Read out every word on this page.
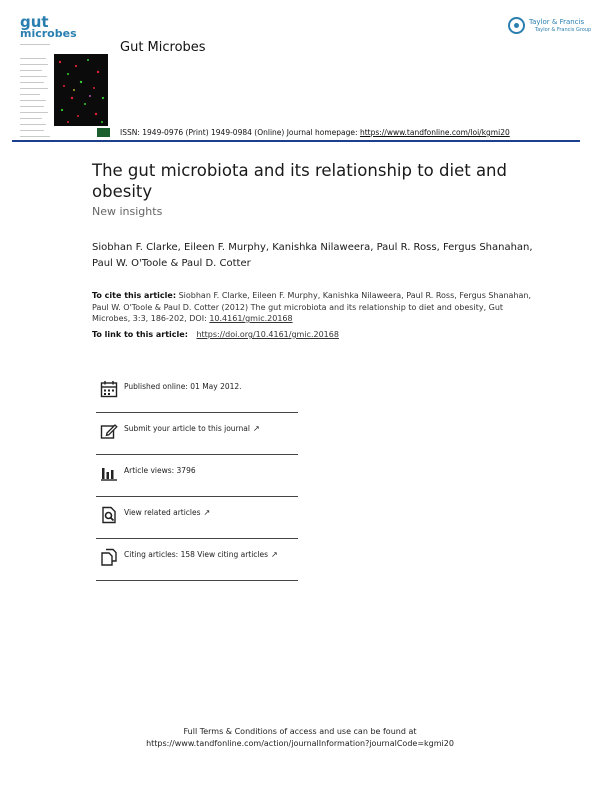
gut
microbes
Gut Microbes
Taylor & Francis
Taylor & Francis Group
ISSN: 1949-0976 (Print) 1949-0984 (Online) Journal homepage: https://www.tandfonline.com/loi/kgmi20
The gut microbiota and its relationship to diet and obesity
New insights
Siobhan F. Clarke, Eileen F. Murphy, Kanishka Nilaweera, Paul R. Ross, Fergus Shanahan, Paul W. O'Toole & Paul D. Cotter
To cite this article: Siobhan F. Clarke, Eileen F. Murphy, Kanishka Nilaweera, Paul R. Ross, Fergus Shanahan, Paul W. O'Toole & Paul D. Cotter (2012) The gut microbiota and its relationship to diet and obesity, Gut Microbes, 3:3, 186-202, DOI: 10.4161/gmic.20168
To link to this article: https://doi.org/10.4161/gmic.20168
Published online: 01 May 2012.
Submit your article to this journal ↗
Article views: 3796
View related articles ↗
Citing articles: 158 View citing articles ↗
Full Terms & Conditions of access and use can be found at
https://www.tandfonline.com/action/journalInformation?journalCode=kgmi20
